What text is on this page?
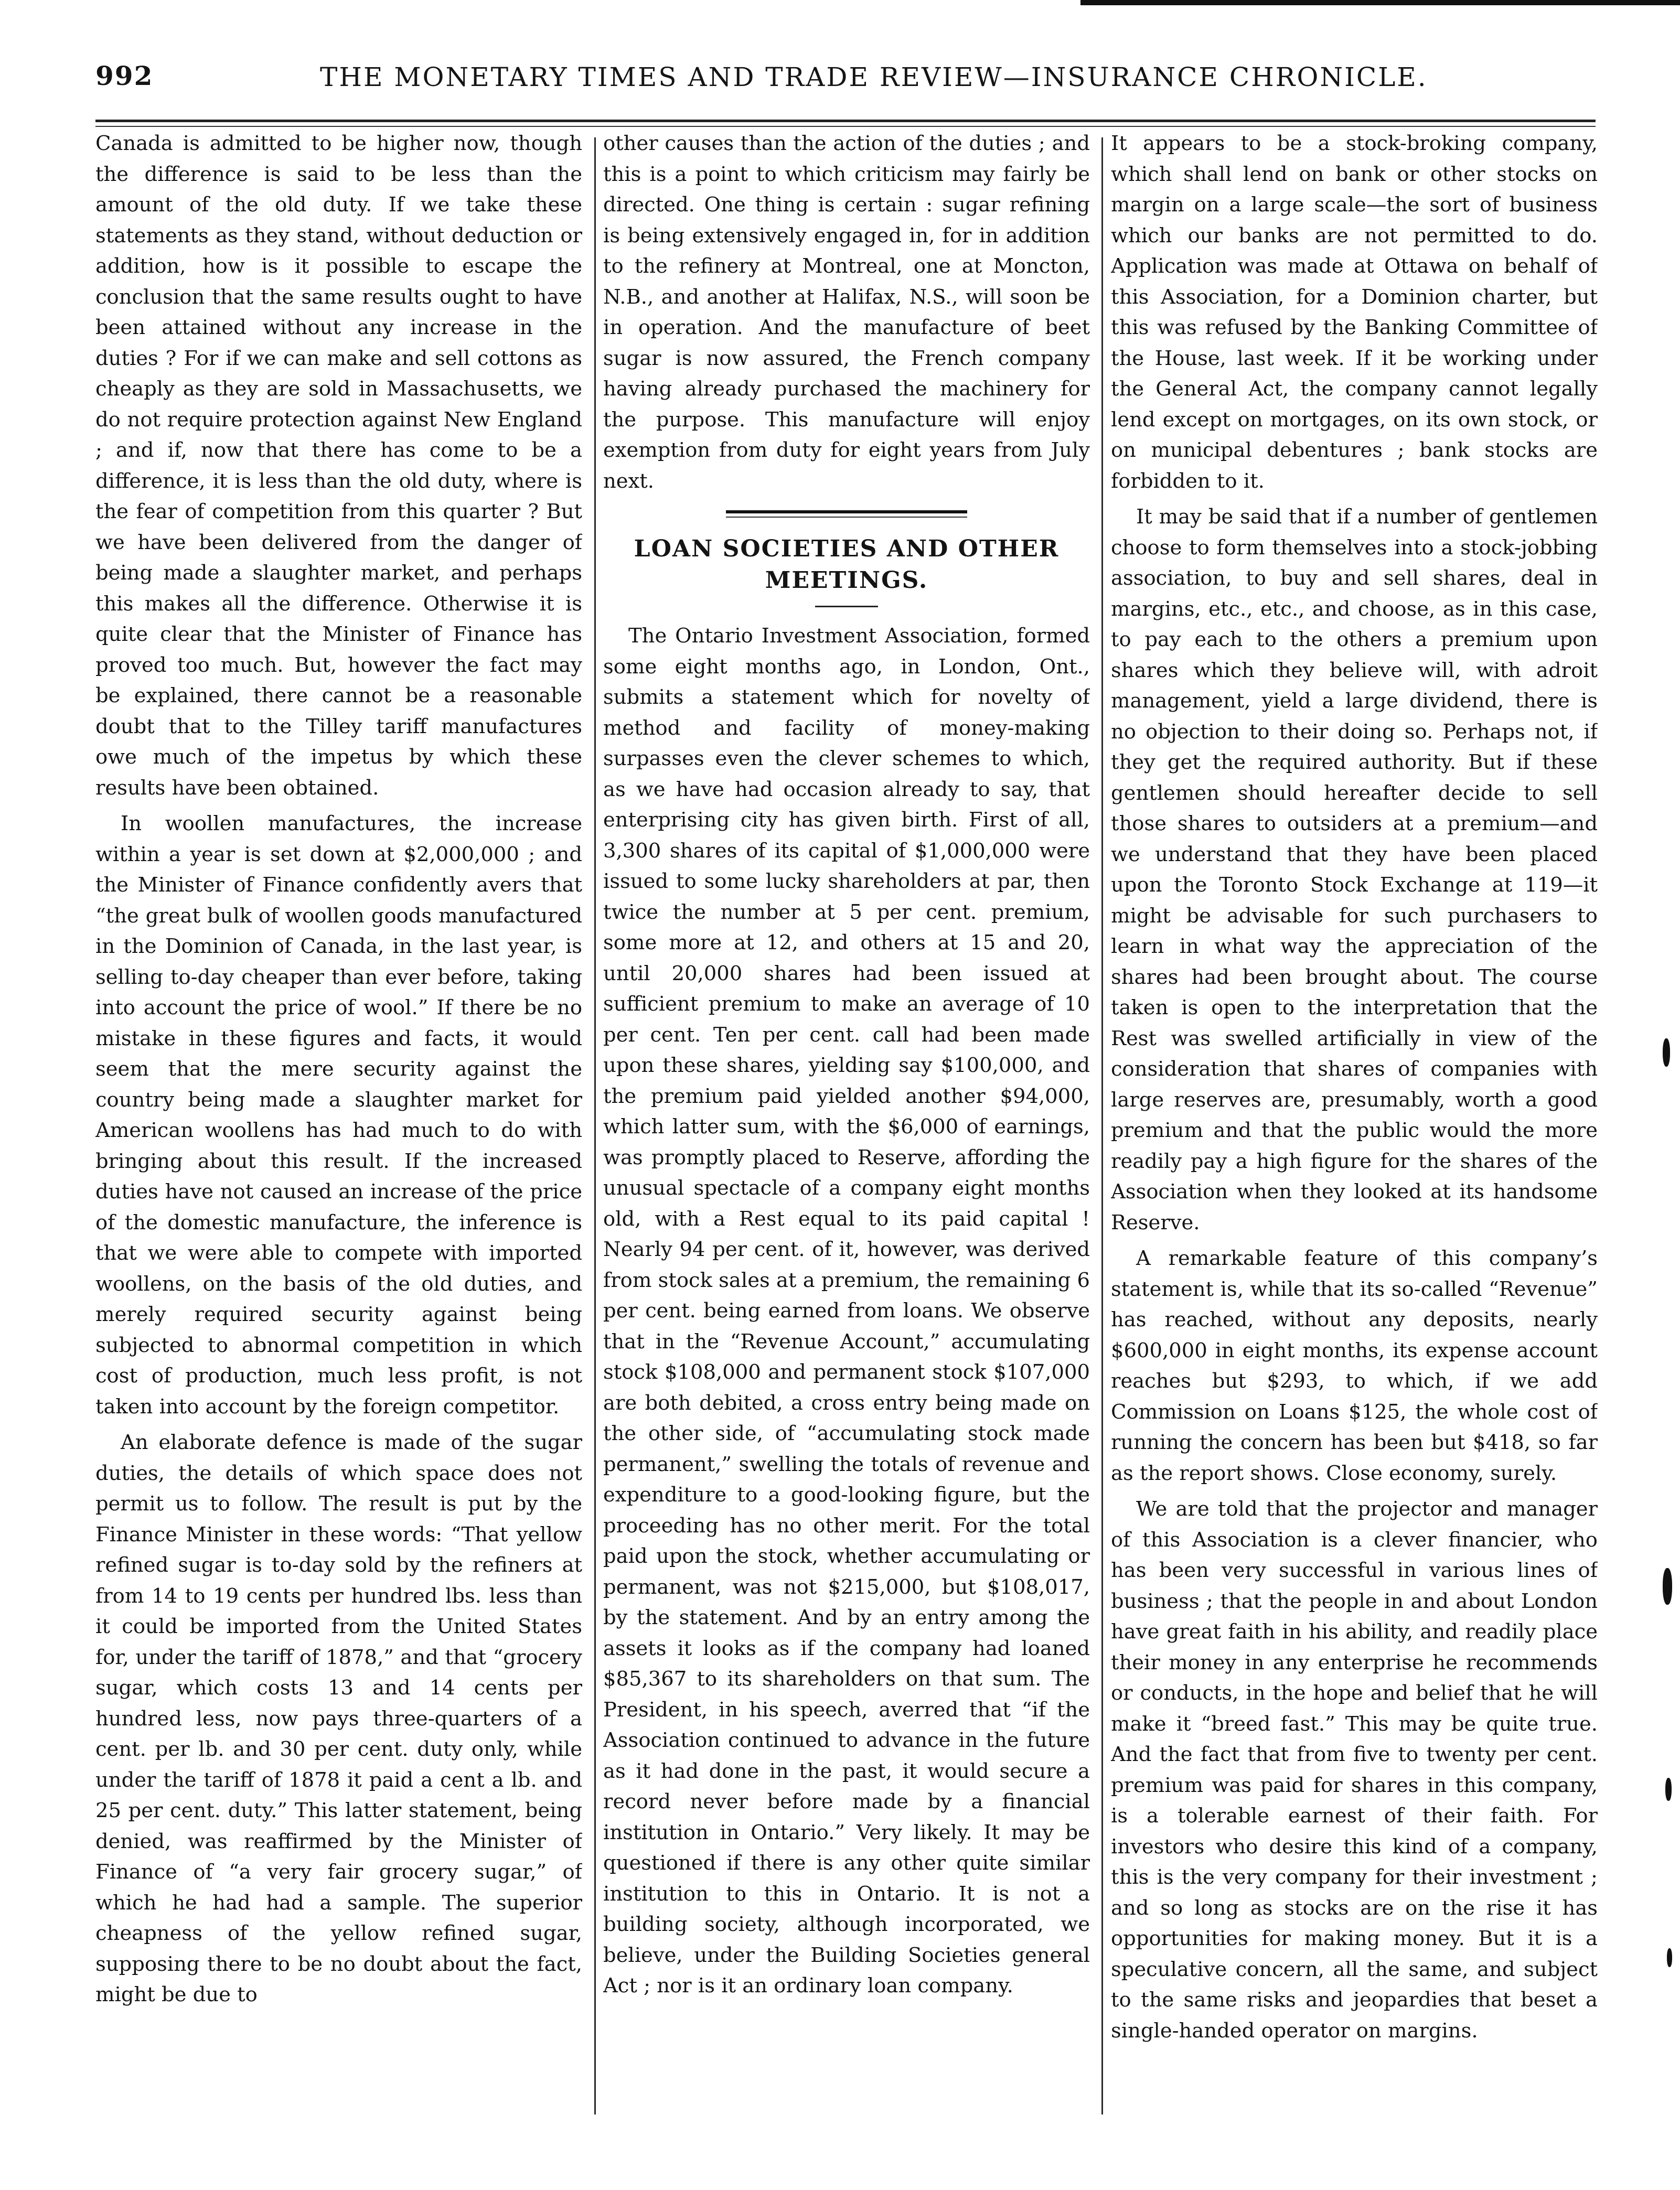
992	THE MONETARY TIMES AND TRADE REVIEW—INSURANCE CHRONICLE.

Canada is admitted to be higher now, though the difference is said to be less than the amount of the old duty. If we take these statements as they stand, without deduction or addition, how is it possible to escape the conclusion that the same results ought to have been attained without any increase in the duties ? For if we can make and sell cottons as cheaply as they are sold in Massachusetts, we do not require protection against New England ; and if, now that there has come to be a difference, it is less than the old duty, where is the fear of competition from this quarter ? But we have been delivered from the danger of being made a slaughter market, and perhaps this makes all the difference. Otherwise it is quite clear that the Minister of Finance has proved too much. But, however the fact may be explained, there cannot be a reasonable doubt that to the Tilley tariff manufactures owe much of the impetus by which these results have been obtained.

In woollen manufactures, the increase within a year is set down at $2,000,000 ; and the Minister of Finance confidently avers that “the great bulk of woollen goods manufactured in the Dominion of Canada, in the last year, is selling to-day cheaper than ever before, taking into account the price of wool.” If there be no mistake in these figures and facts, it would seem that the mere security against the country being made a slaughter market for American woollens has had much to do with bringing about this result. If the increased duties have not caused an increase of the price of the domestic manufacture, the inference is that we were able to compete with imported woollens, on the basis of the old duties, and merely required security against being subjected to abnormal competition in which cost of production, much less profit, is not taken into account by the foreign competitor.

An elaborate defence is made of the sugar duties, the details of which space does not permit us to follow. The result is put by the Finance Minister in these words: “That yellow refined sugar is to-day sold by the refiners at from 14 to 19 cents per hundred lbs. less than it could be imported from the United States for, under the tariff of 1878,” and that “grocery sugar, which costs 13 and 14 cents per hundred less, now pays three-quarters of a cent. per lb. and 30 per cent. duty only, while under the tariff of 1878 it paid a cent a lb. and 25 per cent. duty.” This latter statement, being denied, was reaffirmed by the Minister of Finance of “a very fair grocery sugar,” of which he had had a sample. The superior cheapness of the yellow refined sugar, supposing there to be no doubt about the fact, might be due to

other causes than the action of the duties ; and this is a point to which criticism may fairly be directed. One thing is certain : sugar refining is being extensively engaged in, for in addition to the refinery at Montreal, one at Moncton, N.B., and another at Halifax, N.S., will soon be in operation. And the manufacture of beet sugar is now assured, the French company having already purchased the machinery for the purpose. This manufacture will enjoy exemption from duty for eight years from July next.

LOAN SOCIETIES AND OTHER MEETINGS.

The Ontario Investment Association, formed some eight months ago, in London, Ont., submits a statement which for novelty of method and facility of money-making surpasses even the clever schemes to which, as we have had occasion already to say, that enterprising city has given birth. First of all, 3,300 shares of its capital of $1,000,000 were issued to some lucky shareholders at par, then twice the number at 5 per cent. premium, some more at 12, and others at 15 and 20, until 20,000 shares had been issued at sufficient premium to make an average of 10 per cent. Ten per cent. call had been made upon these shares, yielding say $100,000, and the premium paid yielded another $94,000, which latter sum, with the $6,000 of earnings, was promptly placed to Reserve, affording the unusual spectacle of a company eight months old, with a Rest equal to its paid capital ! Nearly 94 per cent. of it, however, was derived from stock sales at a premium, the remaining 6 per cent. being earned from loans. We observe that in the “Revenue Account,” accumulating stock $108,000 and permanent stock $107,000 are both debited, a cross entry being made on the other side, of “accumulating stock made permanent,” swelling the totals of revenue and expenditure to a good-looking figure, but the proceeding has no other merit. For the total paid upon the stock, whether accumulating or permanent, was not $215,000, but $108,017, by the statement. And by an entry among the assets it looks as if the company had loaned $85,367 to its shareholders on that sum. The President, in his speech, averred that “if the Association continued to advance in the future as it had done in the past, it would secure a record never before made by a financial institution in Ontario.” Very likely. It may be questioned if there is any other quite similar institution to this in Ontario. It is not a building society, although incorporated, we believe, under the Building Societies general Act ; nor is it an ordinary loan company.

It appears to be a stock-broking company, which shall lend on bank or other stocks on margin on a large scale—the sort of business which our banks are not permitted to do. Application was made at Ottawa on behalf of this Association, for a Dominion charter, but this was refused by the Banking Committee of the House, last week. If it be working under the General Act, the company cannot legally lend except on mortgages, on its own stock, or on municipal debentures ; bank stocks are forbidden to it.

It may be said that if a number of gentlemen choose to form themselves into a stock-jobbing association, to buy and sell shares, deal in margins, etc., etc., and choose, as in this case, to pay each to the others a premium upon shares which they believe will, with adroit management, yield a large dividend, there is no objection to their doing so. Perhaps not, if they get the required authority. But if these gentlemen should hereafter decide to sell those shares to outsiders at a premium—and we understand that they have been placed upon the Toronto Stock Exchange at 119—it might be advisable for such purchasers to learn in what way the appreciation of the shares had been brought about. The course taken is open to the interpretation that the Rest was swelled artificially in view of the consideration that shares of companies with large reserves are, presumably, worth a good premium and that the public would the more readily pay a high figure for the shares of the Association when they looked at its handsome Reserve.

A remarkable feature of this company’s statement is, while that its so-called “Revenue” has reached, without any deposits, nearly $600,000 in eight months, its expense account reaches but $293, to which, if we add Commission on Loans $125, the whole cost of running the concern has been but $418, so far as the report shows. Close economy, surely.

We are told that the projector and manager of this Association is a clever financier, who has been very successful in various lines of business ; that the people in and about London have great faith in his ability, and readily place their money in any enterprise he recommends or conducts, in the hope and belief that he will make it “breed fast.” This may be quite true. And the fact that from five to twenty per cent. premium was paid for shares in this company, is a tolerable earnest of their faith. For investors who desire this kind of a company, this is the very company for their investment ; and so long as stocks are on the rise it has opportunities for making money. But it is a speculative concern, all the same, and subject to the same risks and jeopardies that beset a single-handed operator on margins.
